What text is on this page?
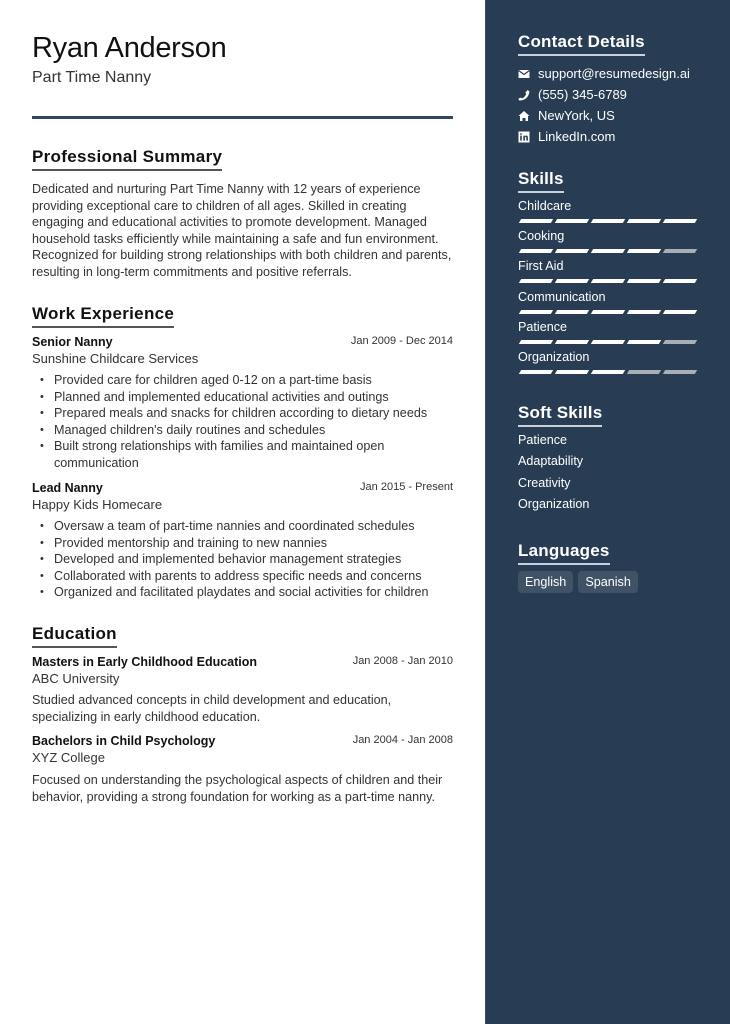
Ryan Anderson
Part Time Nanny
Professional Summary
Dedicated and nurturing Part Time Nanny with 12 years of experience providing exceptional care to children of all ages. Skilled in creating engaging and educational activities to promote development. Managed household tasks efficiently while maintaining a safe and fun environment. Recognized for building strong relationships with both children and parents, resulting in long-term commitments and positive referrals.
Work Experience
Senior Nanny	Jan 2009 - Dec 2014
Sunshine Childcare Services
• Provided care for children aged 0-12 on a part-time basis
• Planned and implemented educational activities and outings
• Prepared meals and snacks for children according to dietary needs
• Managed children's daily routines and schedules
• Built strong relationships with families and maintained open communication
Lead Nanny	Jan 2015 - Present
Happy Kids Homecare
• Oversaw a team of part-time nannies and coordinated schedules
• Provided mentorship and training to new nannies
• Developed and implemented behavior management strategies
• Collaborated with parents to address specific needs and concerns
• Organized and facilitated playdates and social activities for children
Education
Masters in Early Childhood Education	Jan 2008 - Jan 2010
ABC University
Studied advanced concepts in child development and education, specializing in early childhood education.
Bachelors in Child Psychology	Jan 2004 - Jan 2008
XYZ College
Focused on understanding the psychological aspects of children and their behavior, providing a strong foundation for working as a part-time nanny.
Contact Details
support@resumedesign.ai
(555) 345-6789
NewYork, US
LinkedIn.com
Skills
Childcare
Cooking
First Aid
Communication
Patience
Organization
Soft Skills
Patience
Adaptability
Creativity
Organization
Languages
English	Spanish
